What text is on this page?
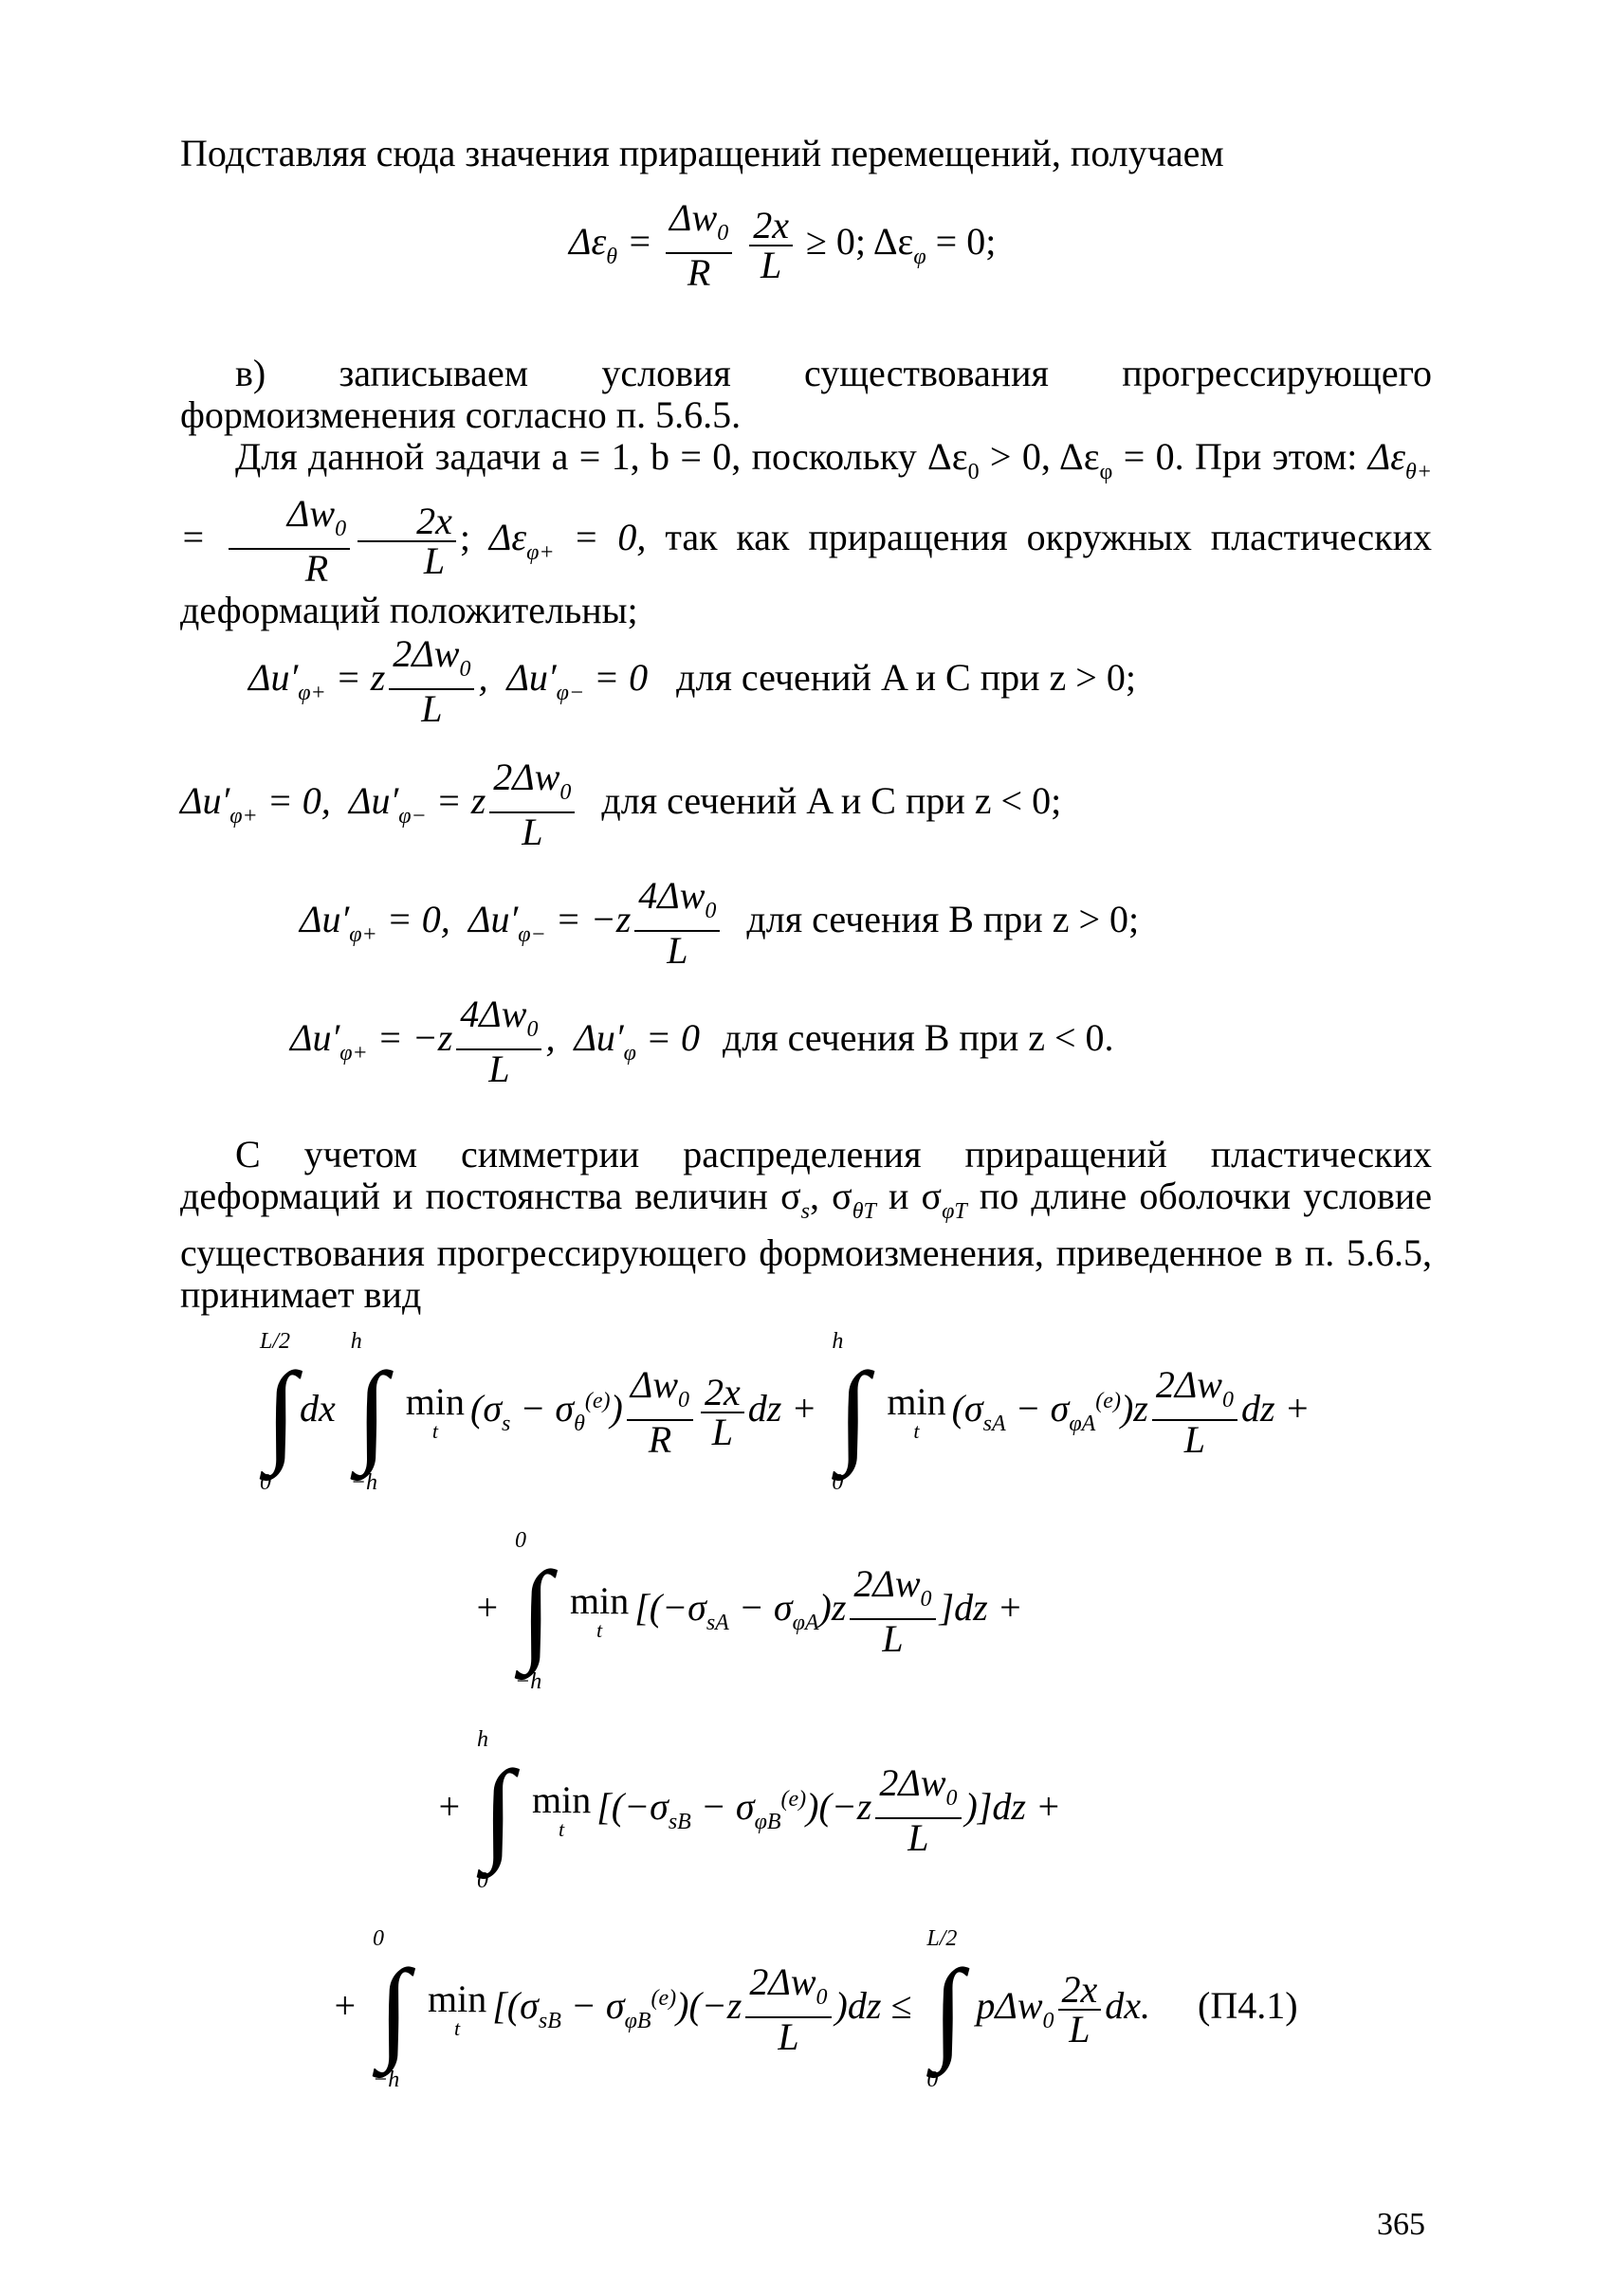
Подставляя сюда значения приращений перемещений, получаем
$\Delta\varepsilon_\theta = \frac{\Delta w_0}{R}$
$\frac{2x}{L} \ge 0$; $\Delta\varepsilon_\varphi = 0$;
в) записываем условия существования прогрессирующего формоизменения согласно п. 5.6.5.
Для данной задачи a = 1, b = 0, поскольку $\Delta\varepsilon_0 > 0$, $\Delta\varepsilon_\varphi = 0$. При этом: $\Delta\varepsilon_{\theta+} = \frac{\Delta w_0}{R} \frac{2x}{L}$ ; $\Delta\varepsilon_{\varphi+} = 0$, так как приращения окружных пластических деформаций положительны;
$\Delta u'_{\varphi+} = z \frac{2\Delta w_0}{L}$ ,  $\Delta u'_{\varphi-} = 0$ для сечений A и C при z > 0;
$\Delta u'_{\varphi+} = 0$,  $\Delta u'_{\varphi-} = z \frac{2\Delta w_0}{L}$ для сечений A и C при z < 0;
$\Delta u'_{\varphi+} = 0$,  $\Delta u'_{\varphi-} = -z \frac{4\Delta w_0}{L}$ для сечения B при z > 0;
$\Delta u'_{\varphi+} = -z \frac{4\Delta w_0}{L}$ ,  $\Delta u'_\varphi = 0$ для сечения B при z < 0.
С учетом симметрии распределения приращений пластических деформаций и постоянства величин $\sigma_s$, $\sigma_{\theta T}$ и $\sigma_{\varphi T}$ по длине оболочки условие существования прогрессирующего формоизменения, приведенное в п. 5.6.5, принимает вид
L/2
∫
0
dx
h
∫
−h

min
t
$(\sigma_s - \sigma_\theta^{(e)}) \frac{\Delta w_0}{R} \frac{2x}{L}$ dz +
h
∫
0

min
t
$(\sigma_{sA} - \sigma_{\varphi A}^{(e)})z \frac{2\Delta w_0}{L}$ dz +
+
0
∫
−h

min
t
$[(-\sigma_{sA} - \sigma_{\varphi A})z \frac{2\Delta w_0}{L} ]dz$ +
+
h
∫
0

min
t
$[(-\sigma_{sB} - \sigma_{\varphi B}^{(e)})(-z \frac{2\Delta w_0}{L} )]dz$ +
+
0
∫
−h

min
t
[$(\sigma_{sB} - \sigma_{\varphi B}^{(e)})(-z \frac{2\Delta w_0}{L} )dz$ ≤
L/2
∫
0
$p\Delta w_0 \frac{2x}{L}$ dx. (П4.1)
365
